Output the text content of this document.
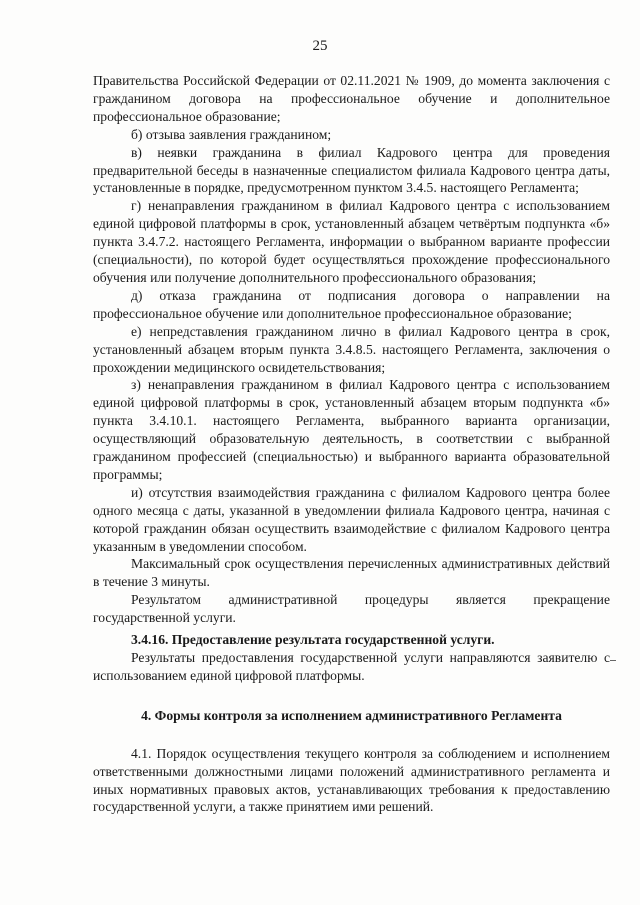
25

Правительства Российской Федерации от 02.11.2021 № 1909, до момента заключения с гражданином договора на профессиональное обучение и дополнительное профессиональное образование;

б) отзыва заявления гражданином;

в) неявки гражданина в филиал Кадрового центра для проведения предварительной беседы в назначенные специалистом филиала Кадрового центра даты, установленные в порядке, предусмотренном пунктом 3.4.5. настоящего Регламента;

г) ненаправления гражданином в филиал Кадрового центра с использованием единой цифровой платформы в срок, установленный абзацем четвёртым подпункта «б» пункта 3.4.7.2. настоящего Регламента, информации о выбранном варианте профессии (специальности), по которой будет осуществляться прохождение профессионального обучения или получение дополнительного профессионального образования;

д) отказа гражданина от подписания договора о направлении на профессиональное обучение или дополнительное профессиональное образование;

е) непредставления гражданином лично в филиал Кадрового центра в срок, установленный абзацем вторым пункта 3.4.8.5. настоящего Регламента, заключения о прохождении медицинского освидетельствования;

з) ненаправления гражданином в филиал Кадрового центра с использованием единой цифровой платформы в срок, установленный абзацем вторым подпункта «б» пункта 3.4.10.1. настоящего Регламента, выбранного варианта организации, осуществляющий образовательную деятельность, в соответствии с выбранной гражданином профессией (специальностью) и выбранного варианта образовательной программы;

и) отсутствия взаимодействия гражданина с филиалом Кадрового центра более одного месяца с даты, указанной в уведомлении филиала Кадрового центра, начиная с которой гражданин обязан осуществить взаимодействие с филиалом Кадрового центра указанным в уведомлении способом.

Максимальный срок осуществления перечисленных административных действий в течение 3 минуты.

Результатом административной процедуры является прекращение государственной услуги.

3.4.16. Предоставление результата государственной услуги.

Результаты предоставления государственной услуги направляются заявителю с использованием единой цифровой платформы.

4. Формы контроля за исполнением административного Регламента

4.1. Порядок осуществления текущего контроля за соблюдением и исполнением ответственными должностными лицами положений административного регламента и иных нормативных правовых актов, устанавливающих требования к предоставлению государственной услуги, а также принятием ими решений.
